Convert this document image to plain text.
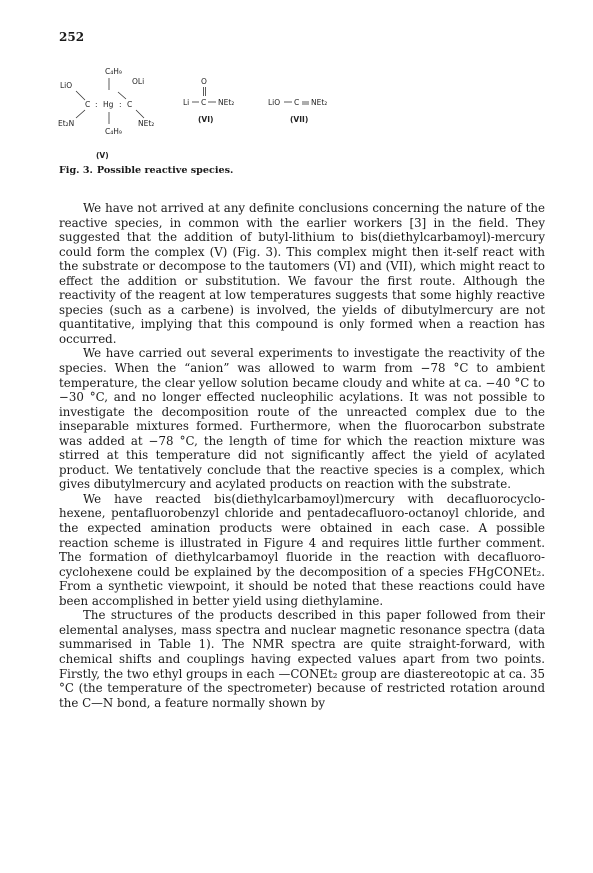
252
LiO
C :
Et₂N
Hg : C
C₄H₉
C₄H₉
OLi
NEt₂
(V)
O
Li C NEt₂
(VI)
LiO C NEt₂
(VII)
Fig. 3. Possible reactive species.

We have not arrived at any definite conclusions concerning the nature of the reactive species, in common with the earlier workers [3] in the field. They suggested that the addition of butyl-lithium to bis(diethylcarbamoyl)-mercury could form the complex (V) (Fig. 3). This complex might then it-self react with the substrate or decompose to the tautomers (VI) and (VII), which might react to effect the addition or substitution. We favour the first route. Although the reactivity of the reagent at low temperatures suggests that some highly reactive species (such as a carbene) is involved, the yields of dibutylmercury are not quantitative, implying that this compound is only formed when a reaction has occurred.

We have carried out several experiments to investigate the reactivity of the species. When the “anion” was allowed to warm from −78 °C to ambient temperature, the clear yellow solution became cloudy and white at ca. −40 °C to −30 °C, and no longer effected nucleophilic acylations. It was not possible to investigate the decomposition route of the unreacted complex due to the inseparable mixtures formed. Furthermore, when the fluorocarbon substrate was added at −78 °C, the length of time for which the reaction mixture was stirred at this temperature did not significantly affect the yield of acylated product. We tentatively conclude that the reactive species is a complex, which gives dibutylmercury and acylated products on reaction with the substrate.

We have reacted bis(diethylcarbamoyl)mercury with decafluorocyclo-hexene, pentafluorobenzyl chloride and pentadecafluoro-octanoyl chloride, and the expected amination products were obtained in each case. A possible reaction scheme is illustrated in Figure 4 and requires little further comment. The formation of diethylcarbamoyl fluoride in the reaction with decafluoro-cyclohexene could be explained by the decomposition of a species FHgCONEt₂. From a synthetic viewpoint, it should be noted that these reactions could have been accomplished in better yield using diethylamine.

The structures of the products described in this paper followed from their elemental analyses, mass spectra and nuclear magnetic resonance spectra (data summarised in Table 1). The NMR spectra are quite straight-forward, with chemical shifts and couplings having expected values apart from two points. Firstly, the two ethyl groups in each —CONEt₂ group are diastereotopic at ca. 35 °C (the temperature of the spectrometer) because of restricted rotation around the C—N bond, a feature normally shown by
